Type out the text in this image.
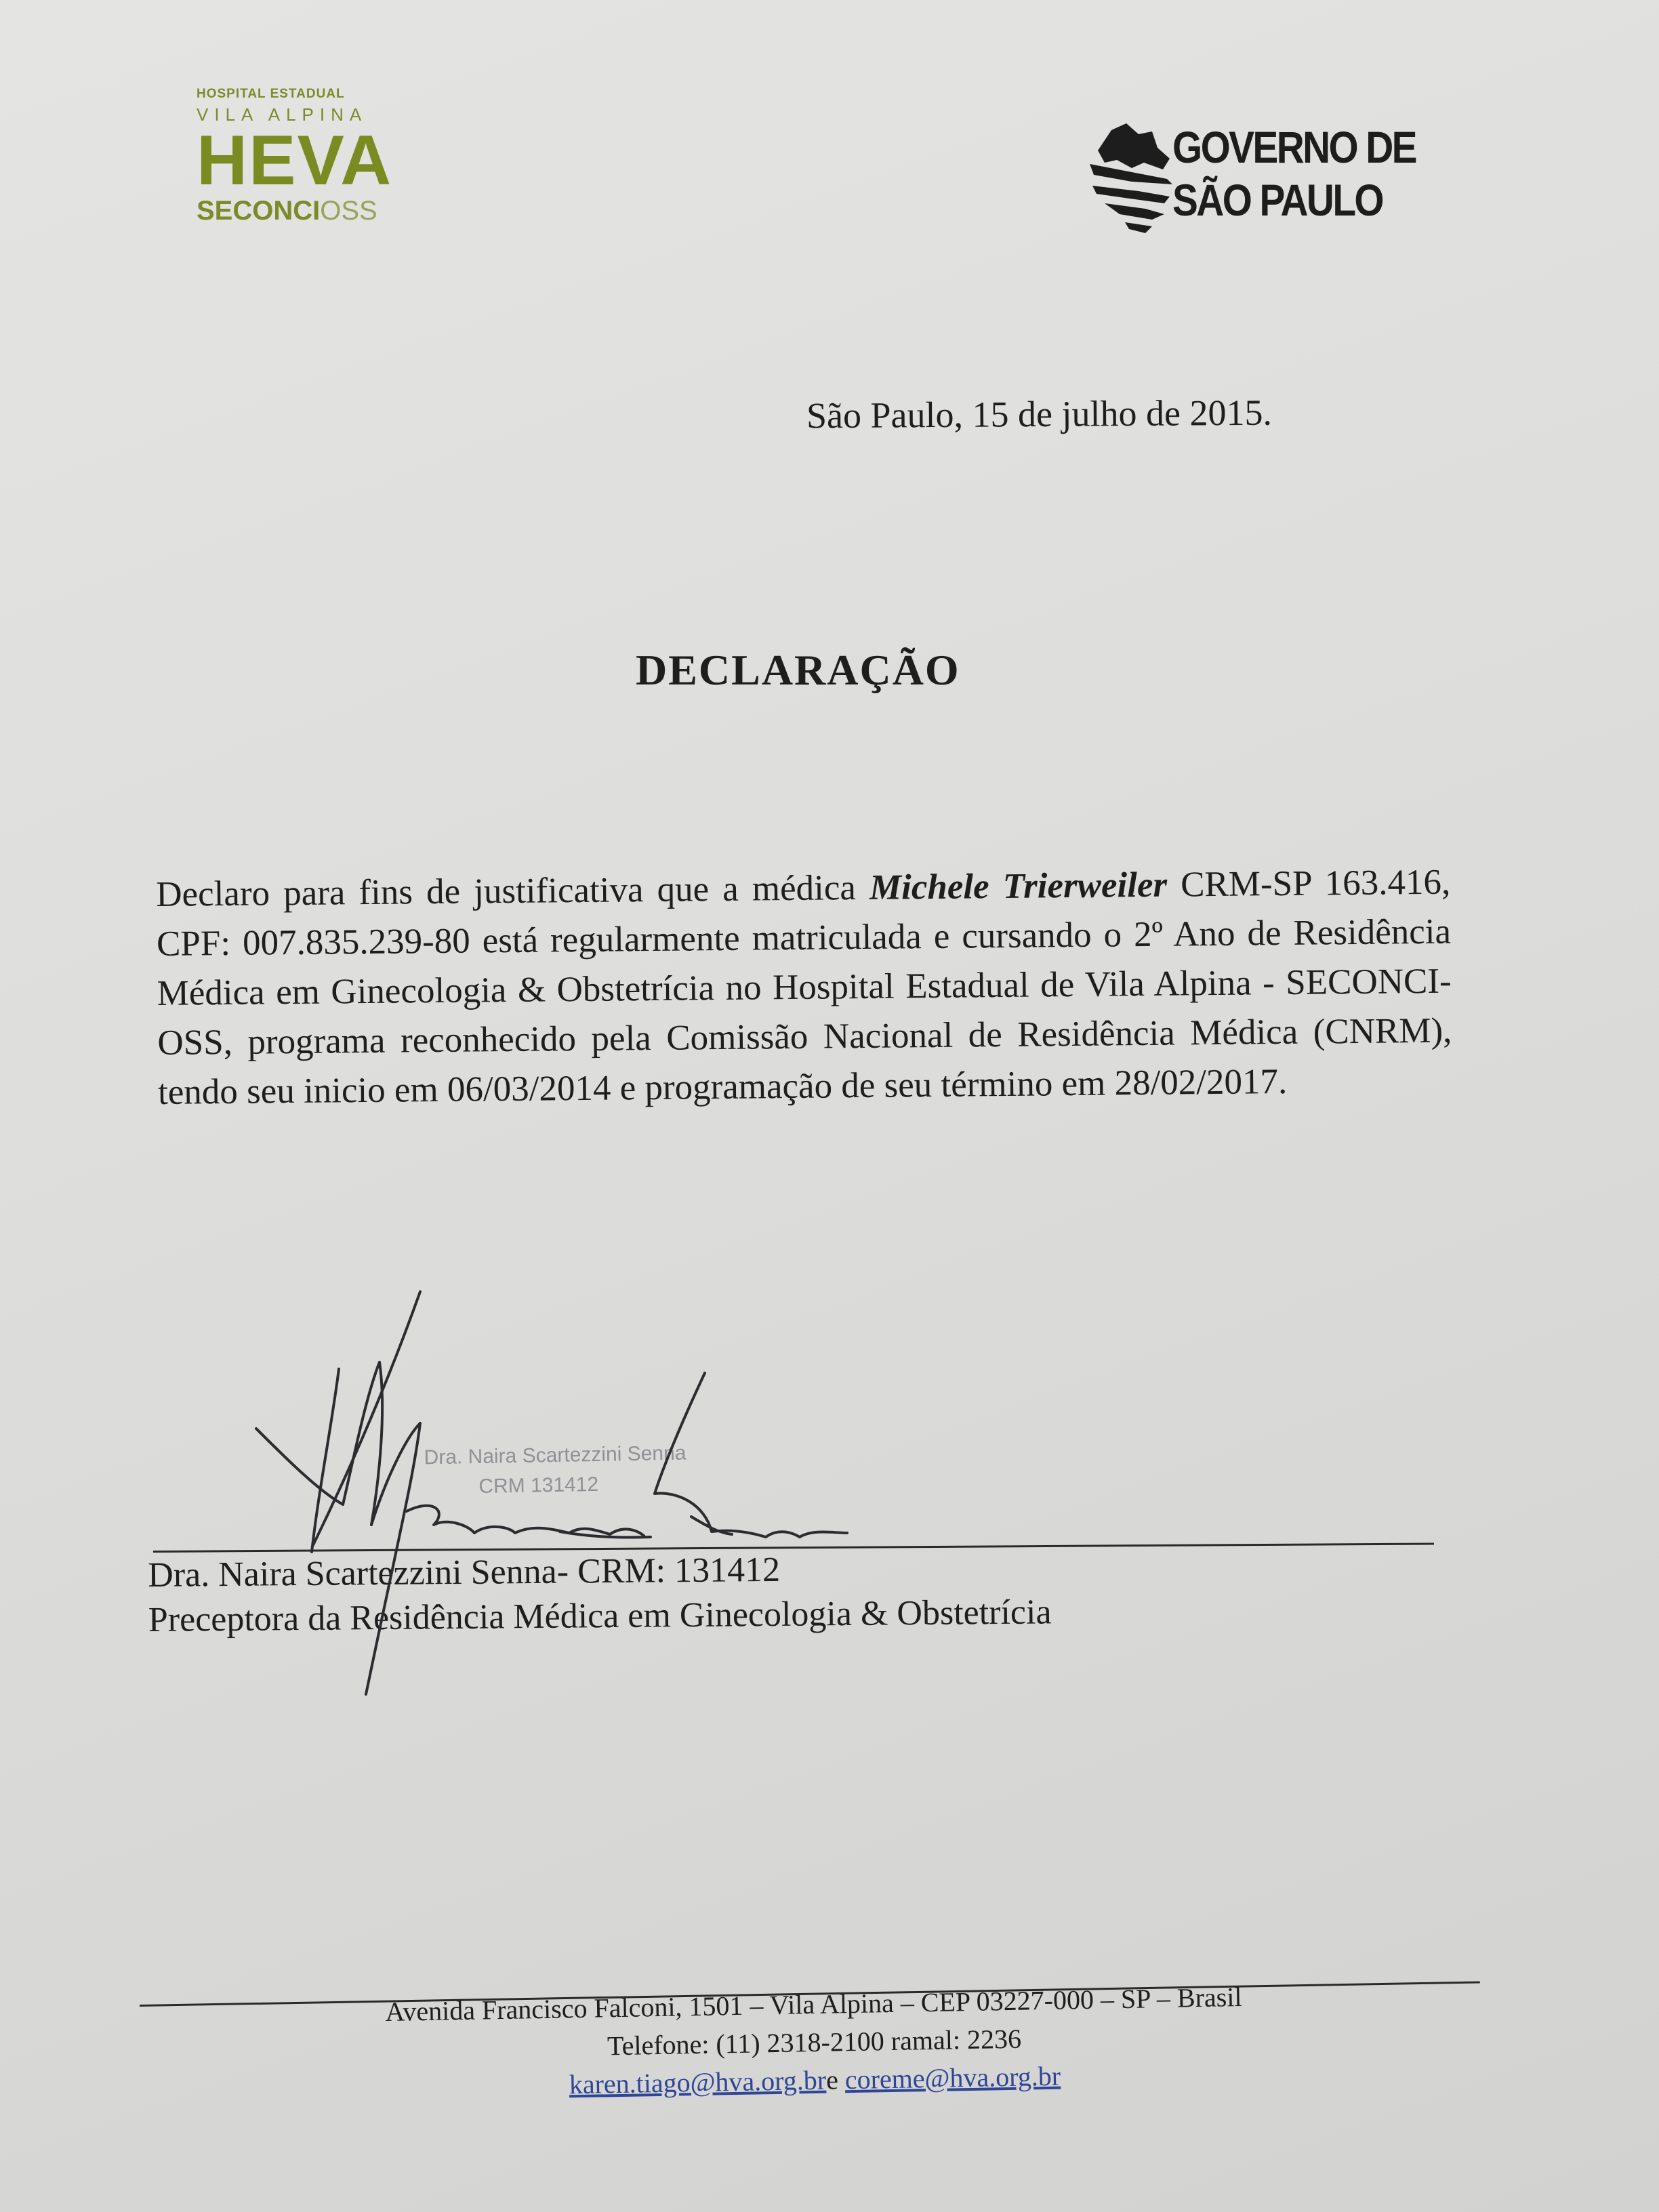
HOSPITAL ESTADUAL
VILA ALPINA
HEVA
SECONCIOSS
GOVERNO DE
SÃO PAULO
São Paulo, 15 de julho de 2015.
DECLARAÇÃO
Declaro para fins de justificativa que a médica Michele Trierweiler CRM-SP 163.416, CPF: 007.835.239-80 está regularmente matriculada e cursando o 2º Ano de Residência Médica em Ginecologia & Obstetrícia no Hospital Estadual de Vila Alpina - SECONCI-OSS, programa reconhecido pela Comissão Nacional de Residência Médica (CNRM), tendo seu inicio em 06/03/2014 e programação de seu término em 28/02/2017.
Dra. Naira Scartezzini Senna
CRM 131412
Dra. Naira Scartezzini Senna- CRM: 131412
Preceptora da Residência Médica em Ginecologia & Obstetrícia
Avenida Francisco Falconi, 1501 – Vila Alpina – CEP 03227-000 – SP – Brasil
Telefone: (11) 2318-2100 ramal: 2236
karen.tiago@hva.org.bre coreme@hva.org.br
